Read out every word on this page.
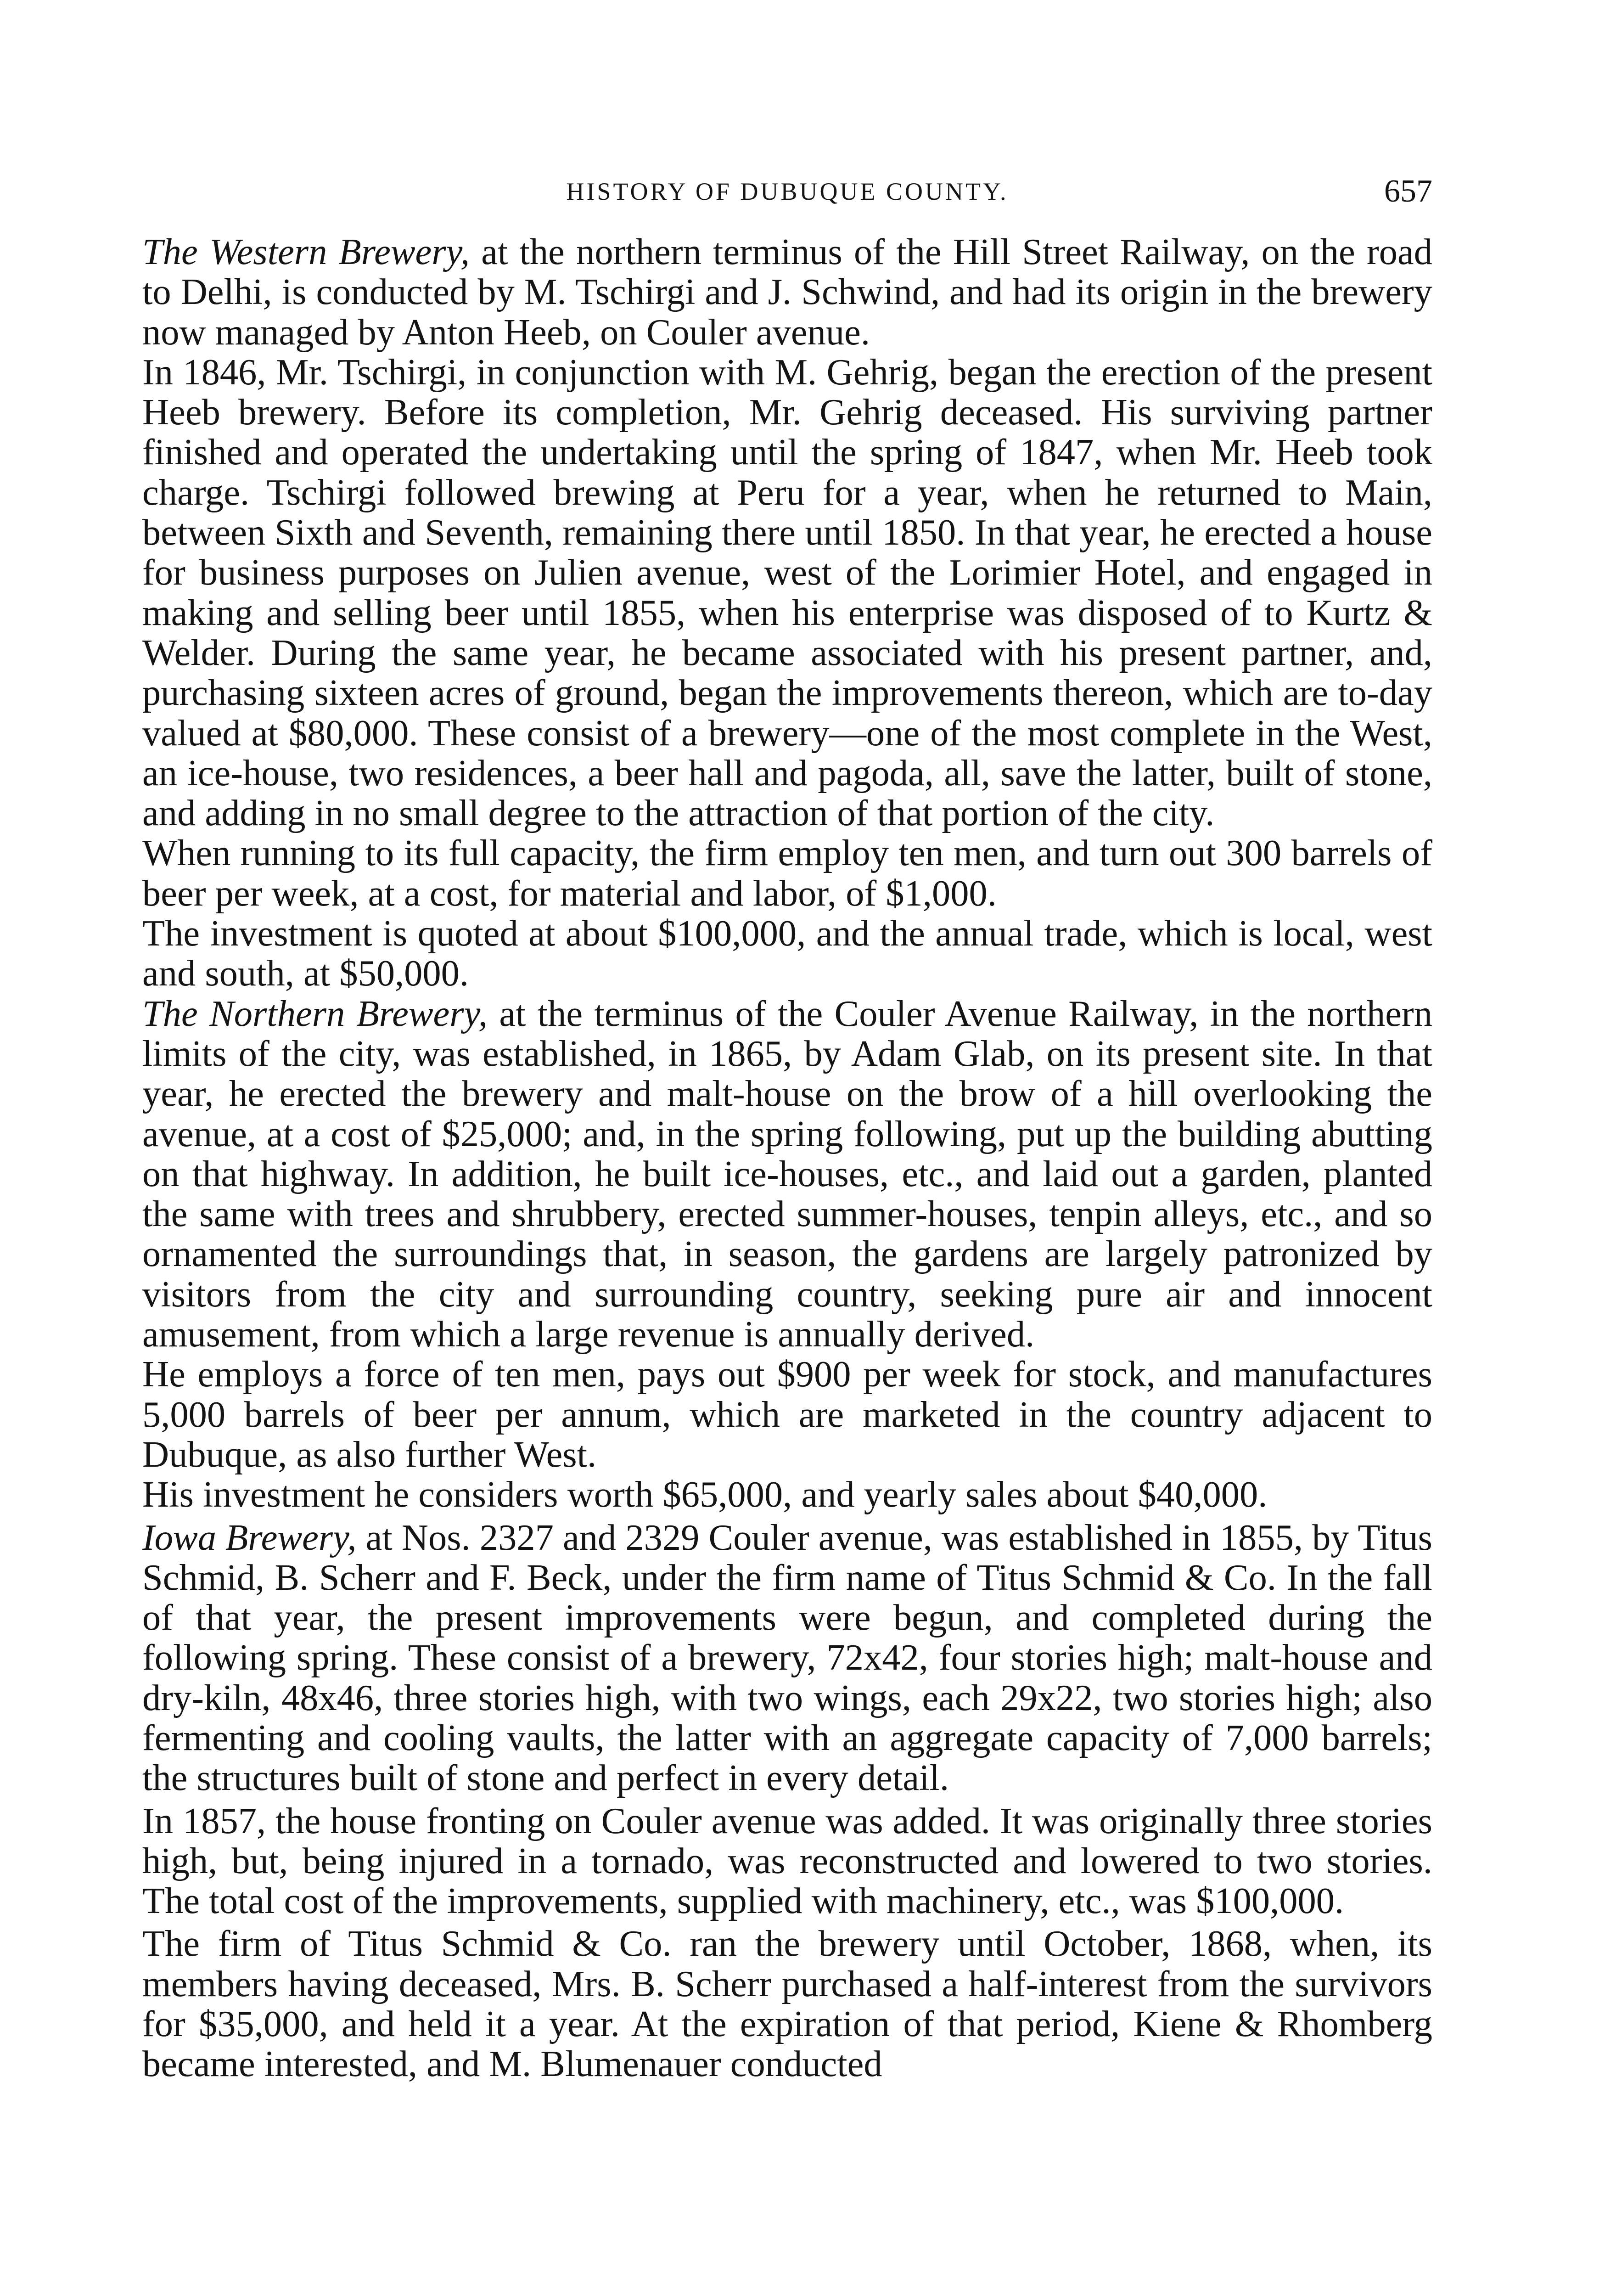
HISTORY OF DUBUQUE COUNTY.	657

The Western Brewery, at the northern terminus of the Hill Street Railway, on the road to Delhi, is conducted by M. Tschirgi and J. Schwind, and had its origin in the brewery now managed by Anton Heeb, on Couler avenue.

In 1846, Mr. Tschirgi, in conjunction with M. Gehrig, began the erection of the present Heeb brewery. Before its completion, Mr. Gehrig deceased. His surviving partner finished and operated the undertaking until the spring of 1847, when Mr. Heeb took charge. Tschirgi followed brewing at Peru for a year, when he returned to Main, between Sixth and Seventh, remaining there until 1850. In that year, he erected a house for business purposes on Julien avenue, west of the Lorimier Hotel, and engaged in making and selling beer until 1855, when his enterprise was disposed of to Kurtz & Welder. During the same year, he became associated with his present partner, and, purchasing sixteen acres of ground, began the improvements thereon, which are to-day valued at $80,000. These consist of a brewery—one of the most complete in the West, an ice-house, two residences, a beer hall and pagoda, all, save the latter, built of stone, and adding in no small degree to the attraction of that portion of the city.

When running to its full capacity, the firm employ ten men, and turn out 300 barrels of beer per week, at a cost, for material and labor, of $1,000.

The investment is quoted at about $100,000, and the annual trade, which is local, west and south, at $50,000.

The Northern Brewery, at the terminus of the Couler Avenue Railway, in the northern limits of the city, was established, in 1865, by Adam Glab, on its present site. In that year, he erected the brewery and malt-house on the brow of a hill overlooking the avenue, at a cost of $25,000; and, in the spring following, put up the building abutting on that highway. In addition, he built ice-houses, etc., and laid out a garden, planted the same with trees and shrubbery, erected summer-houses, tenpin alleys, etc., and so ornamented the surroundings that, in season, the gardens are largely patronized by visitors from the city and surrounding country, seeking pure air and innocent amusement, from which a large revenue is annually derived.

He employs a force of ten men, pays out $900 per week for stock, and manufactures 5,000 barrels of beer per annum, which are marketed in the country adjacent to Dubuque, as also further West.

His investment he considers worth $65,000, and yearly sales about $40,000.

Iowa Brewery, at Nos. 2327 and 2329 Couler avenue, was established in 1855, by Titus Schmid, B. Scherr and F. Beck, under the firm name of Titus Schmid & Co. In the fall of that year, the present improvements were begun, and completed during the following spring. These consist of a brewery, 72x42, four stories high; malt-house and dry-kiln, 48x46, three stories high, with two wings, each 29x22, two stories high; also fermenting and cooling vaults, the latter with an aggregate capacity of 7,000 barrels; the structures built of stone and perfect in every detail.

In 1857, the house fronting on Couler avenue was added. It was originally three stories high, but, being injured in a tornado, was reconstructed and lowered to two stories. The total cost of the improvements, supplied with machinery, etc., was $100,000.

The firm of Titus Schmid & Co. ran the brewery until October, 1868, when, its members having deceased, Mrs. B. Scherr purchased a half-interest from the survivors for $35,000, and held it a year. At the expiration of that period, Kiene & Rhomberg became interested, and M. Blumenauer conducted
